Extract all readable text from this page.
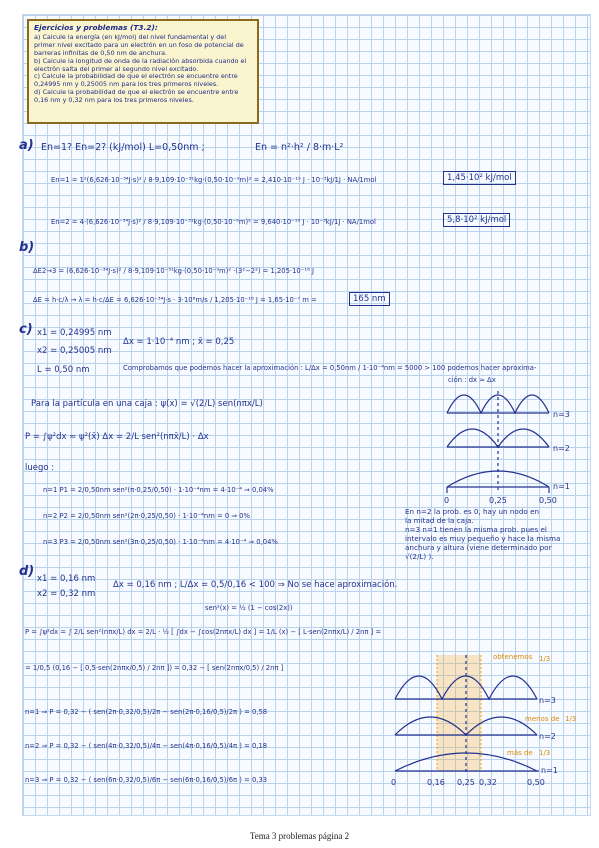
Ejercicios y problemas (T3.2):
a) Calcule la energía (en kJ/mol) del nivel fundamental y del
primer nivel excitado para un electrón en un foso de potencial de
barreras infinitas de 0,50 nm de anchura.
b) Calcule la longitud de onda de la radiación absorbida cuando el
electrón salta del primer al segundo nivel excitado.
c) Calcule la probabilidad de que el electrón se encuentre entre
0,24995 nm y 0,25005 nm para los tres primeros niveles.
d) Calcule la probabilidad de que el electrón se encuentre entre
0,16 nm y 0,32 nm para los tres primeros niveles.
a) En=1? En=2? (kJ/mol) L=0,50nm ;	En = n²·h² / 8·m·L²
En=1 = 1²(6,626·10⁻³⁴J·s)² / 8·9,109·10⁻³¹kg·(0,50·10⁻⁹m)² = 2,410·10⁻¹⁹ J · 10⁻³kJ/1J · NA/1mol	1,45·10² kJ/mol
En=2 = 4·(6,626·10⁻³⁴J·s)² / 8·9,109·10⁻³¹kg·(0,50·10⁻⁹m)² = 9,640·10⁻¹⁹ J · 10⁻³kJ/1J · NA/1mol	5,8·10² kJ/mol
b)
ΔE2→3 = (6,626·10⁻³⁴J·s)² / 8·9,109·10⁻³¹kg·(0,50·10⁻⁹m)² ·(3²−2²) = 1,205·10⁻¹⁸ J
ΔE = h·c/λ → λ = h·c/ΔE = 6,626·10⁻³⁴J·s · 3·10⁸m/s / 1,205·10⁻¹⁸ J = 1,65·10⁻⁷ m =	165 nm
c) x1 = 0,24995 nm
x2 = 0,25005 nm
L = 0,50 nm
Δx = 1·10⁻⁴ nm ; x̄ = 0,25
Comprobamos que podemos hacer la aproximación : L/Δx = 0,50nm / 1·10⁻⁴nm = 5000 > 100 podemos hacer aproxima-
ción : dx ≈ Δx
Para la partícula en una caja : ψ(x) = √(2/L) sen(nπx/L)
P = ∫ψ²dx ≈ ψ²(x̄) Δx = 2/L sen²(nπx̄/L) · Δx
luego :
n=1 P1 = 2/0,50nm sen²(π·0,25/0,50) · 1·10⁻⁴nm = 4·10⁻⁴ ⇒ 0,04%
n=2 P2 = 2/0,50nm sen²(2π·0,25/0,50) · 1·10⁻⁴nm = 0 ⇒ 0%
n=3 P3 = 2/0,50nm sen²(3π·0,25/0,50) · 1·10⁻⁴nm = 4·10⁻⁴ ⇒ 0,04%
En n=2 la prob. es 0, hay un nodo en
la mitad de la caja.
n=3 n=1 tienen la misma prob. pues el
intervalo es muy pequeño y hace la misma
anchura y altura (viene determinado por
√(2/L) ).
n=3
n=2
n=1
0	0,25	0,50
d) x1 = 0,16 nm
x2 = 0,32 nm
Δx = 0,16 nm ; L/Δx = 0,5/0,16 < 100 ⇒ No se hace aproximación.
sen²(x) = ½ (1 − cos(2x))
P = ∫ψ²dx = ∫ 2/L sen²(nπx/L) dx = 2/L · ½ [ ∫dx − ∫cos(2nπx/L) dx ] = 1/L (x) − [ L·sen(2nπx/L) / 2nπ ] =
= 1/0,5 (0,16 − [ 0,5·sen(2nπx/0,5) / 2nπ ]) = 0,32 − [ sen(2nπx/0,5) / 2nπ ]
n=1 ⇒ P = 0,32 − ( sen(2π·0,32/0,5)/2π − sen(2π·0,16/0,5)/2π ) = 0,58
n=2 ⇒ P = 0,32 − ( sen(4π·0,32/0,5)/4π − sen(4π·0,16/0,5)/4π ) = 0,18
n=3 ⇒ P = 0,32 − ( sen(6π·0,32/0,5)/6π − sen(6π·0,16/0,5)/6π ) = 0,33
n=3
n=2
n=1
0	0,16 0,25 0,32	0,50
obtenemos 1/3
menos de 1/3
más de 1/3
Tema 3 problemas página 2
